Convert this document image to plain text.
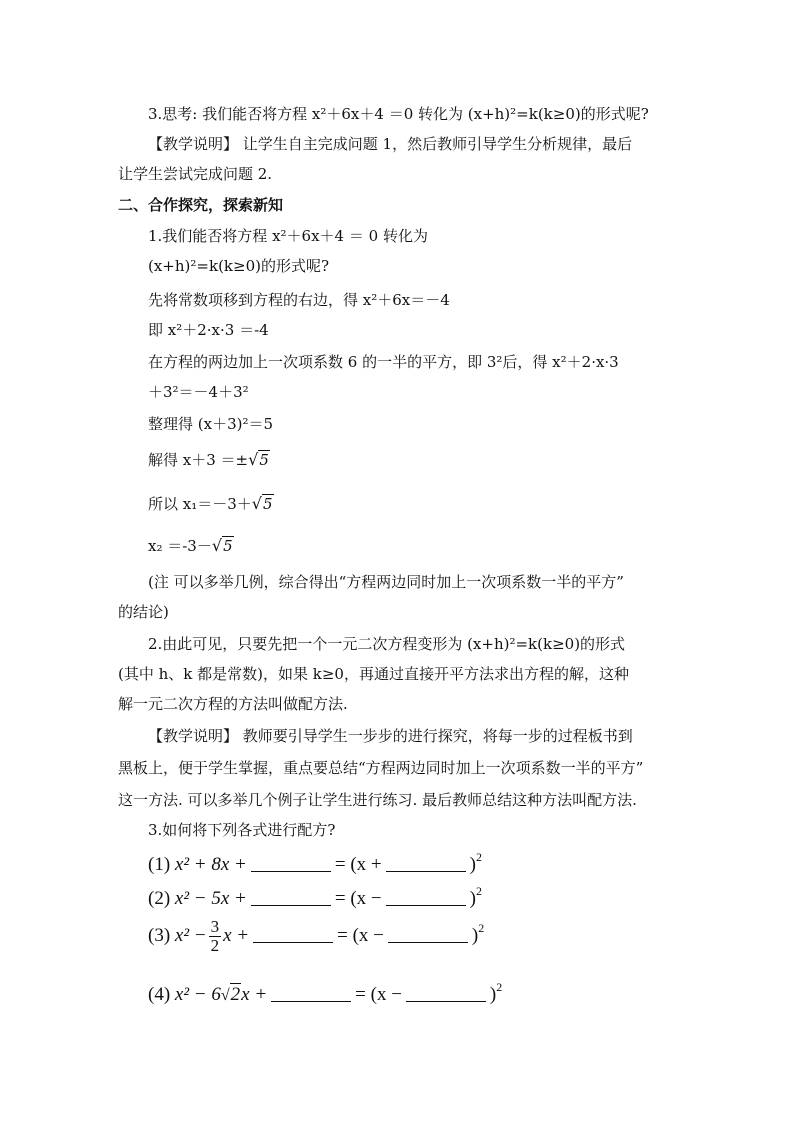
3.思考: 我们能否将方程 x²＋6x＋4 ＝0 转化为 (x+h)²=k(k≥0)的形式呢?
【教学说明】 让学生自主完成问题 1，然后教师引导学生分析规律，最后
让学生尝试完成问题 2.
二、合作探究，探索新知
1.我们能否将方程 x²＋6x＋4 ＝ 0 转化为
(x+h)²=k(k≥0)的形式呢?
先将常数项移到方程的右边，得 x²＋6x＝－4
即 x²＋2·x·3 ＝-4
在方程的两边加上一次项系数 6 的一半的平方，即 3²后，得 x²＋2·x·3
＋3²＝－4＋3²
整理得 (x＋3)²＝5
解得 x＋3 ＝±√5
所以 x₁＝－3＋√5
x₂ ＝-3－√5
(注 可以多举几例，综合得出“方程两边同时加上一次项系数一半的平方”
的结论)
2.由此可见，只要先把一个一元二次方程变形为 (x+h)²=k(k≥0)的形式
(其中 h、k 都是常数)，如果 k≥0，再通过直接开平方法求出方程的解，这种
解一元二次方程的方法叫做配方法.
【教学说明】 教师要引导学生一步步的进行探究，将每一步的过程板书到
黑板上，便于学生掌握，重点要总结“方程两边同时加上一次项系数一半的平方”
这一方法. 可以多举几个例子让学生进行练习. 最后教师总结这种方法叫配方法.
3.如何将下列各式进行配方?
(1) x² + 8x +	= (x +	)$^2$
(2) x² − 5x +	= (x −	)$^2$
(3) $x^2 - \frac{3}{2}$ x +	= (x −	)$^2$
(4) x² − 6√2x +	= (x −	)$^2$
